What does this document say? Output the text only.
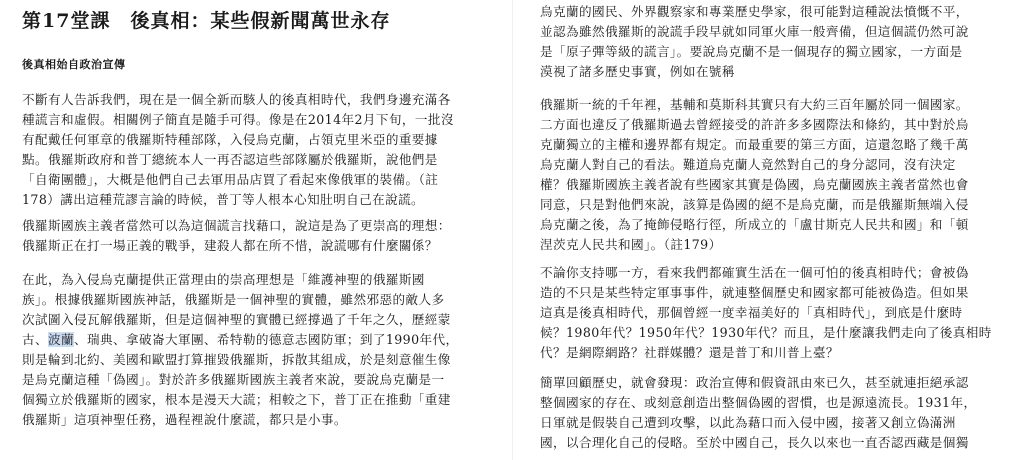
第17堂課　後真相：某些假新聞萬世永存
後真相始自政治宣傳
不斷有人告訴我們，現在是一個全新而駭人的後真相時代，我們身邊充滿各
種謊言和虛假。相關例子簡直是隨手可得。像是在2014年2月下旬，一批沒
有配戴任何軍章的俄羅斯特種部隊，入侵烏克蘭，占領克里米亞的重要據
點。俄羅斯政府和普丁總統本人一再否認這些部隊屬於俄羅斯，說他們是
「自衛團體」，大概是他們自己去軍用品店買了看起來像俄軍的裝備。（註
178）講出這種荒謬言論的時候，普丁等人根本心知肚明自己在說謊。
俄羅斯國族主義者當然可以為這個謊言找藉口，說這是為了更崇高的理想：
俄羅斯正在打一場正義的戰爭，建殺人都在所不惜，說謊哪有什麼關係？
在此，為入侵烏克蘭提供正當理由的崇高理想是「維護神聖的俄羅斯國
族」。根據俄羅斯國族神話，俄羅斯是一個神聖的實體，雖然邪惡的敵人多
次試圖入侵瓦解俄羅斯，但是這個神聖的實體已經撐過了千年之久，歷經蒙
古、波蘭、瑞典、拿破崙大軍團、希特勒的德意志國防軍；到了1990年代，
則是輪到北約、美國和歐盟打算摧毀俄羅斯，拆散其組成，於是刻意催生像
是烏克蘭這種「偽國」。對於許多俄羅斯國族主義者來說，要說烏克蘭是一
個獨立於俄羅斯的國家，根本是漫天大謊；相較之下，普丁正在推動「重建
俄羅斯」這項神聖任務，過程裡說什麼謊，都只是小事。
烏克蘭的國民、外界觀察家和專業歷史學家，很可能對這種說法憤慨不平，
並認為雖然俄羅斯的說謊手段早就如同軍火庫一般齊備，但這個謊仍然可說
是「原子彈等級的謊言」。要說烏克蘭不是一個現存的獨立國家，一方面是
漠視了諸多歷史事實，例如在號稱
俄羅斯一統的千年裡，基輔和莫斯科其實只有大約三百年屬於同一個國家。
二方面也違反了俄羅斯過去曾經接受的許許多多國際法和條約，其中對於烏
克蘭獨立的主權和邊界都有規定。而最重要的第三方面，這還忽略了幾千萬
烏克蘭人對自己的看法。難道烏克蘭人竟然對自己的身分認同，沒有決定
權？俄羅斯國族主義者說有些國家其實是偽國，烏克蘭國族主義者當然也會
同意，只是對他們來說，該算是偽國的絕不是烏克蘭，而是俄羅斯無端入侵
烏克蘭之後，為了掩飾侵略行徑，所成立的「盧甘斯克人民共和國」和「頓
涅茨克人民共和國」。（註179）
不論你支持哪一方，看來我們都確實生活在一個可怕的後真相時代；會被偽
造的不只是某些特定軍事事件，就連整個歷史和國家都可能被偽造。但如果
這真是後真相時代，那個曾經一度幸福美好的「真相時代」，到底是什麼時
候？1980年代？1950年代？1930年代？而且，是什麼讓我們走向了後真相時
代？是網際網路？社群媒體？還是普丁和川普上臺？
簡單回顧歷史，就會發現：政治宣傳和假資訊由來已久，甚至就連拒絕承認
整個國家的存在、或刻意創造出整個偽國的習慣，也是源遠流長。1931年，
日軍就是假裝自己遭到攻擊，以此為藉口而入侵中國，接著又創立偽滿洲
國，以合理化自己的侵略。至於中國自己，長久以來也一直否認西藏是個獨
